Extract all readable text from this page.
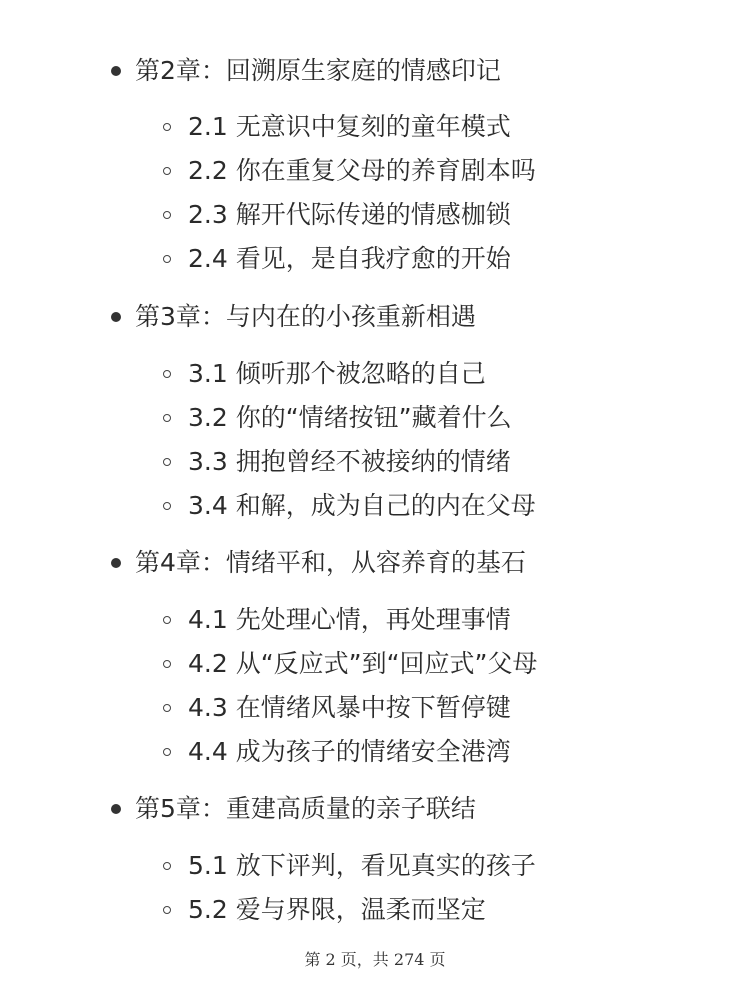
第2章：回溯原生家庭的情感印记
2.1 无意识中复刻的童年模式
2.2 你在重复父母的养育剧本吗
2.3 解开代际传递的情感枷锁
2.4 看见，是自我疗愈的开始
第3章：与内在的小孩重新相遇
3.1 倾听那个被忽略的自己
3.2 你的“情绪按钮”藏着什么
3.3 拥抱曾经不被接纳的情绪
3.4 和解，成为自己的内在父母
第4章：情绪平和，从容养育的基石
4.1 先处理心情，再处理事情
4.2 从“反应式”到“回应式”父母
4.3 在情绪风暴中按下暂停键
4.4 成为孩子的情绪安全港湾
第5章：重建高质量的亲子联结
5.1 放下评判，看见真实的孩子
5.2 爱与界限，温柔而坚定
第 2 页，共 274 页
